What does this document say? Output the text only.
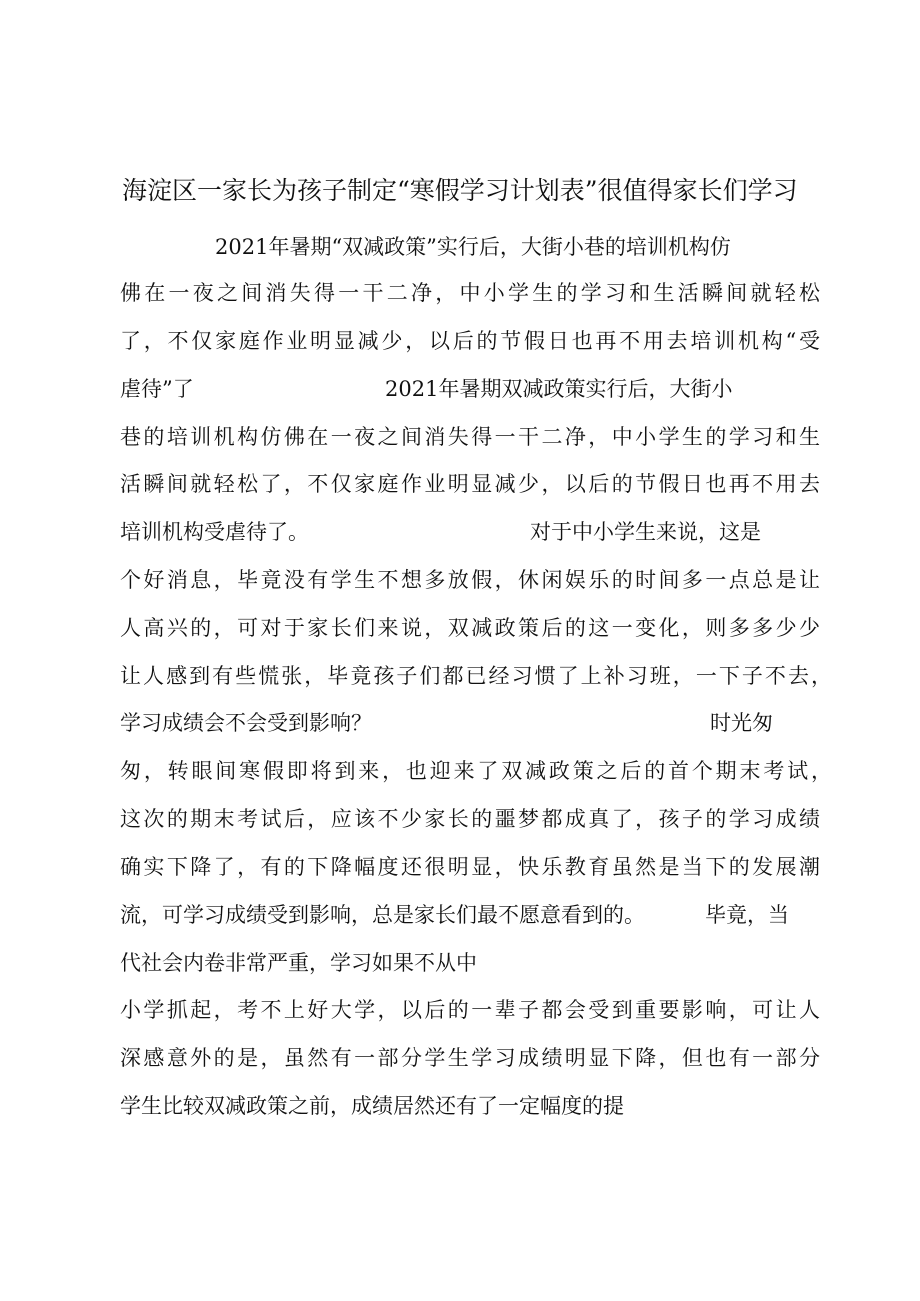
海淀区一家长为孩子制定“寒假学习计划表”很值得家长们学习
2021年暑期“双减政策”实行后，大街小巷的培训机构仿
佛在一夜之间消失得一干二净，中小学生的学习和生活瞬间就轻松
了，不仅家庭作业明显减少，以后的节假日也再不用去培训机构“受
虐待”了	2021年暑期双减政策实行后，大街小
巷的培训机构仿佛在一夜之间消失得一干二净，中小学生的学习和生
活瞬间就轻松了，不仅家庭作业明显减少，以后的节假日也再不用去
培训机构受虐待了。	对于中小学生来说，这是
个好消息，毕竟没有学生不想多放假，休闲娱乐的时间多一点总是让
人高兴的，可对于家长们来说，双减政策后的这一变化，则多多少少
让人感到有些慌张，毕竟孩子们都已经习惯了上补习班，一下子不去，
学习成绩会不会受到影响？	时光匆
匆，转眼间寒假即将到来，也迎来了双减政策之后的首个期末考试，
这次的期末考试后，应该不少家长的噩梦都成真了，孩子的学习成绩
确实下降了，有的下降幅度还很明显，快乐教育虽然是当下的发展潮
流，可学习成绩受到影响，总是家长们最不愿意看到的。	毕竟，当
代社会内卷非常严重，学习如果不从中
小学抓起，考不上好大学，以后的一辈子都会受到重要影响，可让人
深感意外的是，虽然有一部分学生学习成绩明显下降，但也有一部分
学生比较双减政策之前，成绩居然还有了一定幅度的提
